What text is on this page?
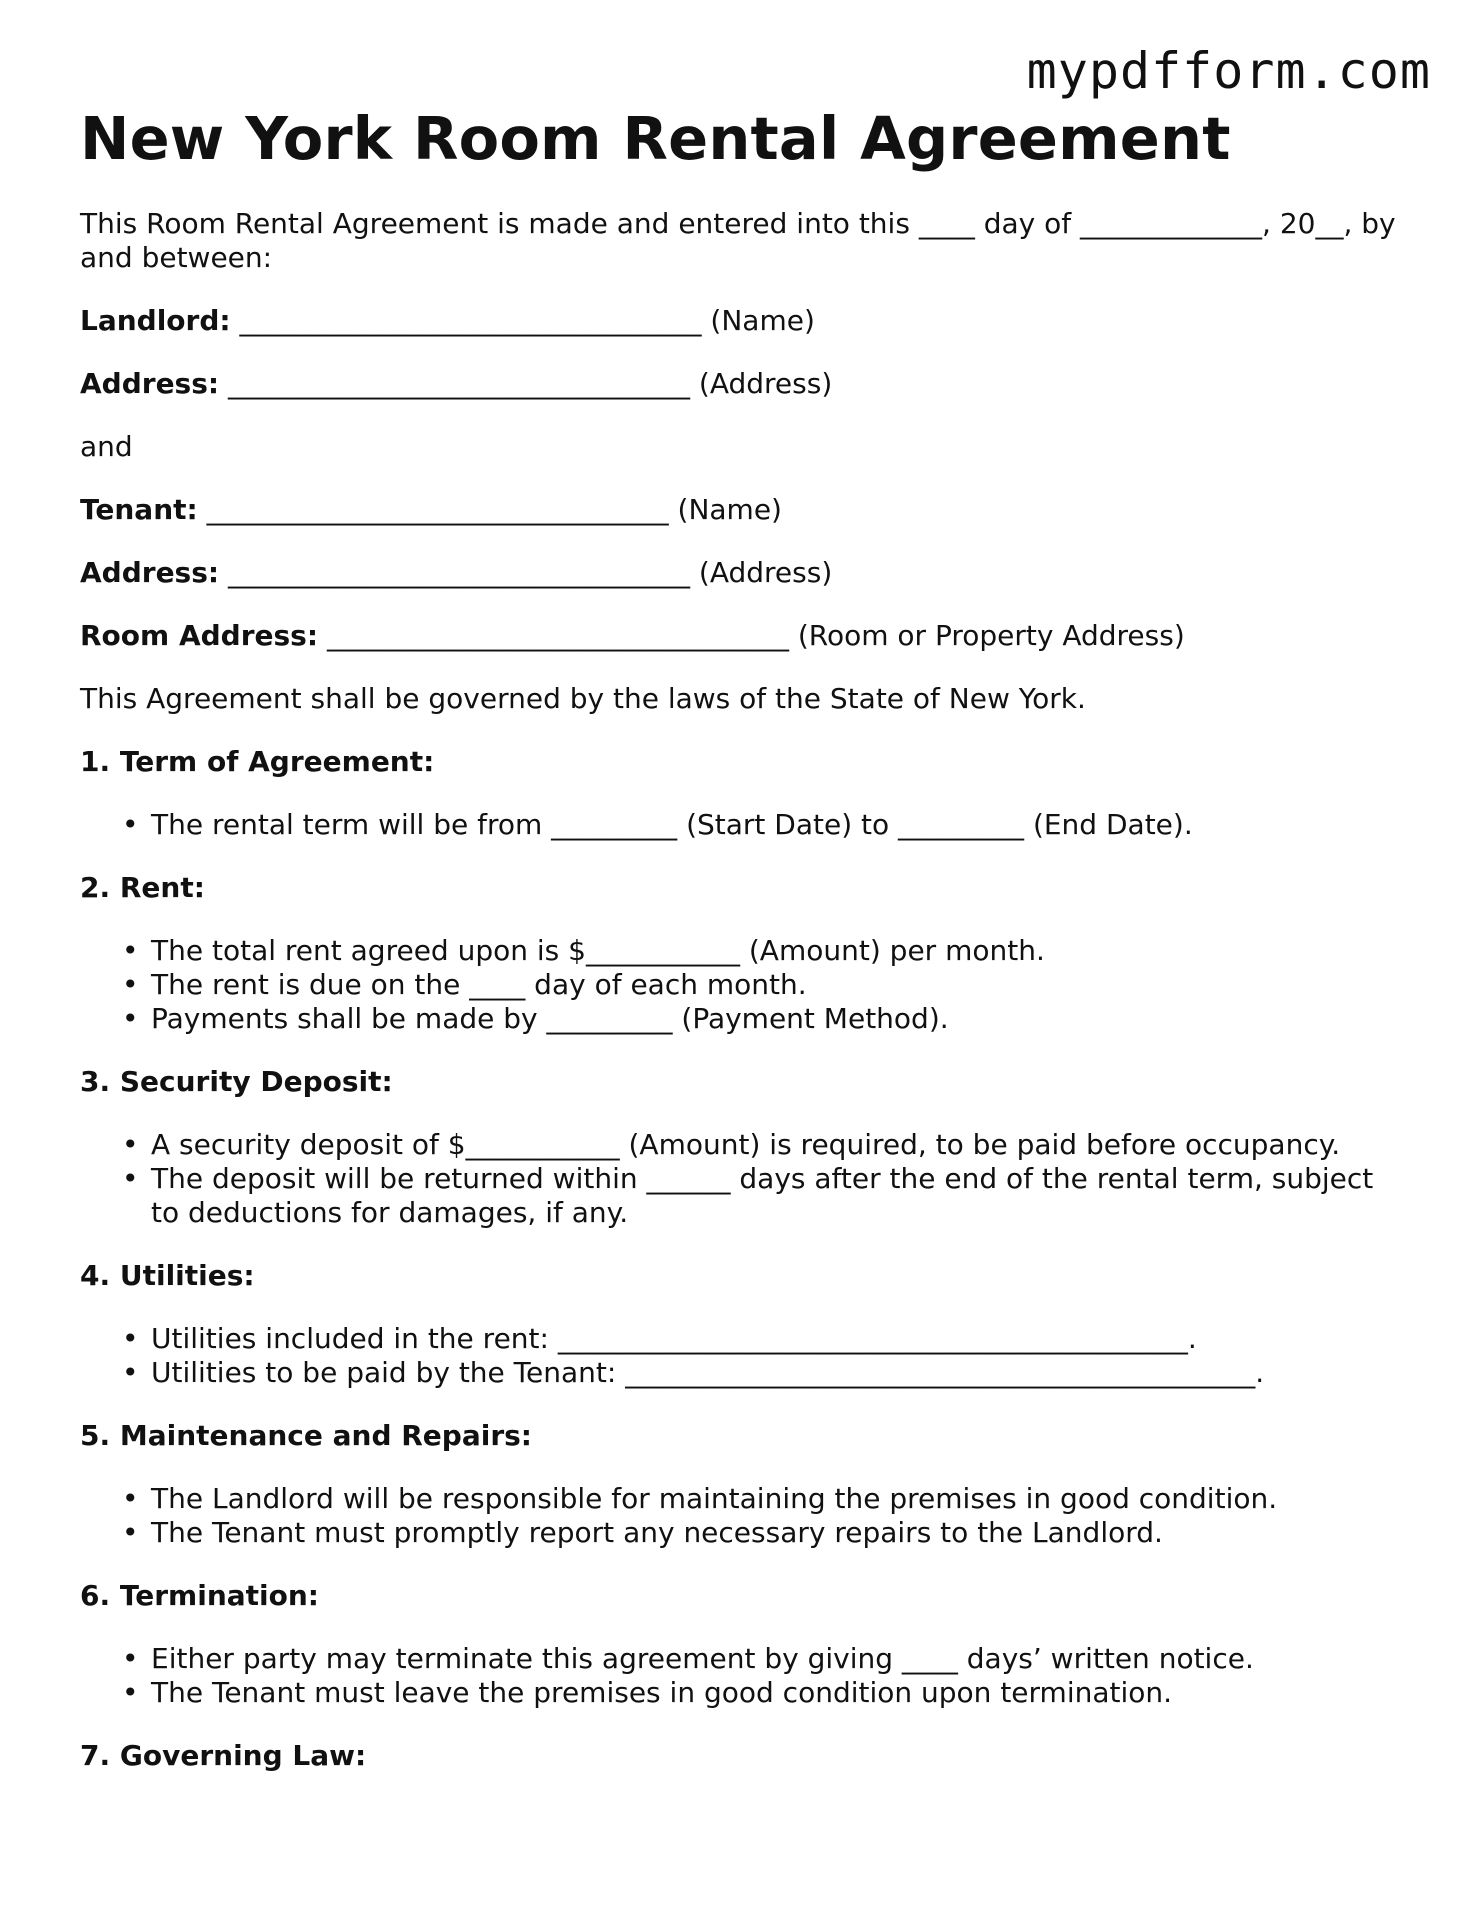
mypdfform.com
New York Room Rental Agreement

This Room Rental Agreement is made and entered into this ____ day of _____________, 20__, by and between:

Landlord: _________________________________ (Name)

Address: _________________________________ (Address)

and

Tenant: _________________________________ (Name)

Address: _________________________________ (Address)

Room Address: _________________________________ (Room or Property Address)

This Agreement shall be governed by the laws of the State of New York.

1. Term of Agreement:

• The rental term will be from _________ (Start Date) to _________ (End Date).

2. Rent:

• The total rent agreed upon is $___________ (Amount) per month.
• The rent is due on the ____ day of each month.
• Payments shall be made by _________ (Payment Method).

3. Security Deposit:

• A security deposit of $___________ (Amount) is required, to be paid before occupancy.
• The deposit will be returned within ______ days after the end of the rental term, subject to deductions for damages, if any.

4. Utilities:

• Utilities included in the rent: _____________________________________________.
• Utilities to be paid by the Tenant: _____________________________________________.

5. Maintenance and Repairs:

• The Landlord will be responsible for maintaining the premises in good condition.
• The Tenant must promptly report any necessary repairs to the Landlord.

6. Termination:

• Either party may terminate this agreement by giving ____ days’ written notice.
• The Tenant must leave the premises in good condition upon termination.

7. Governing Law:
